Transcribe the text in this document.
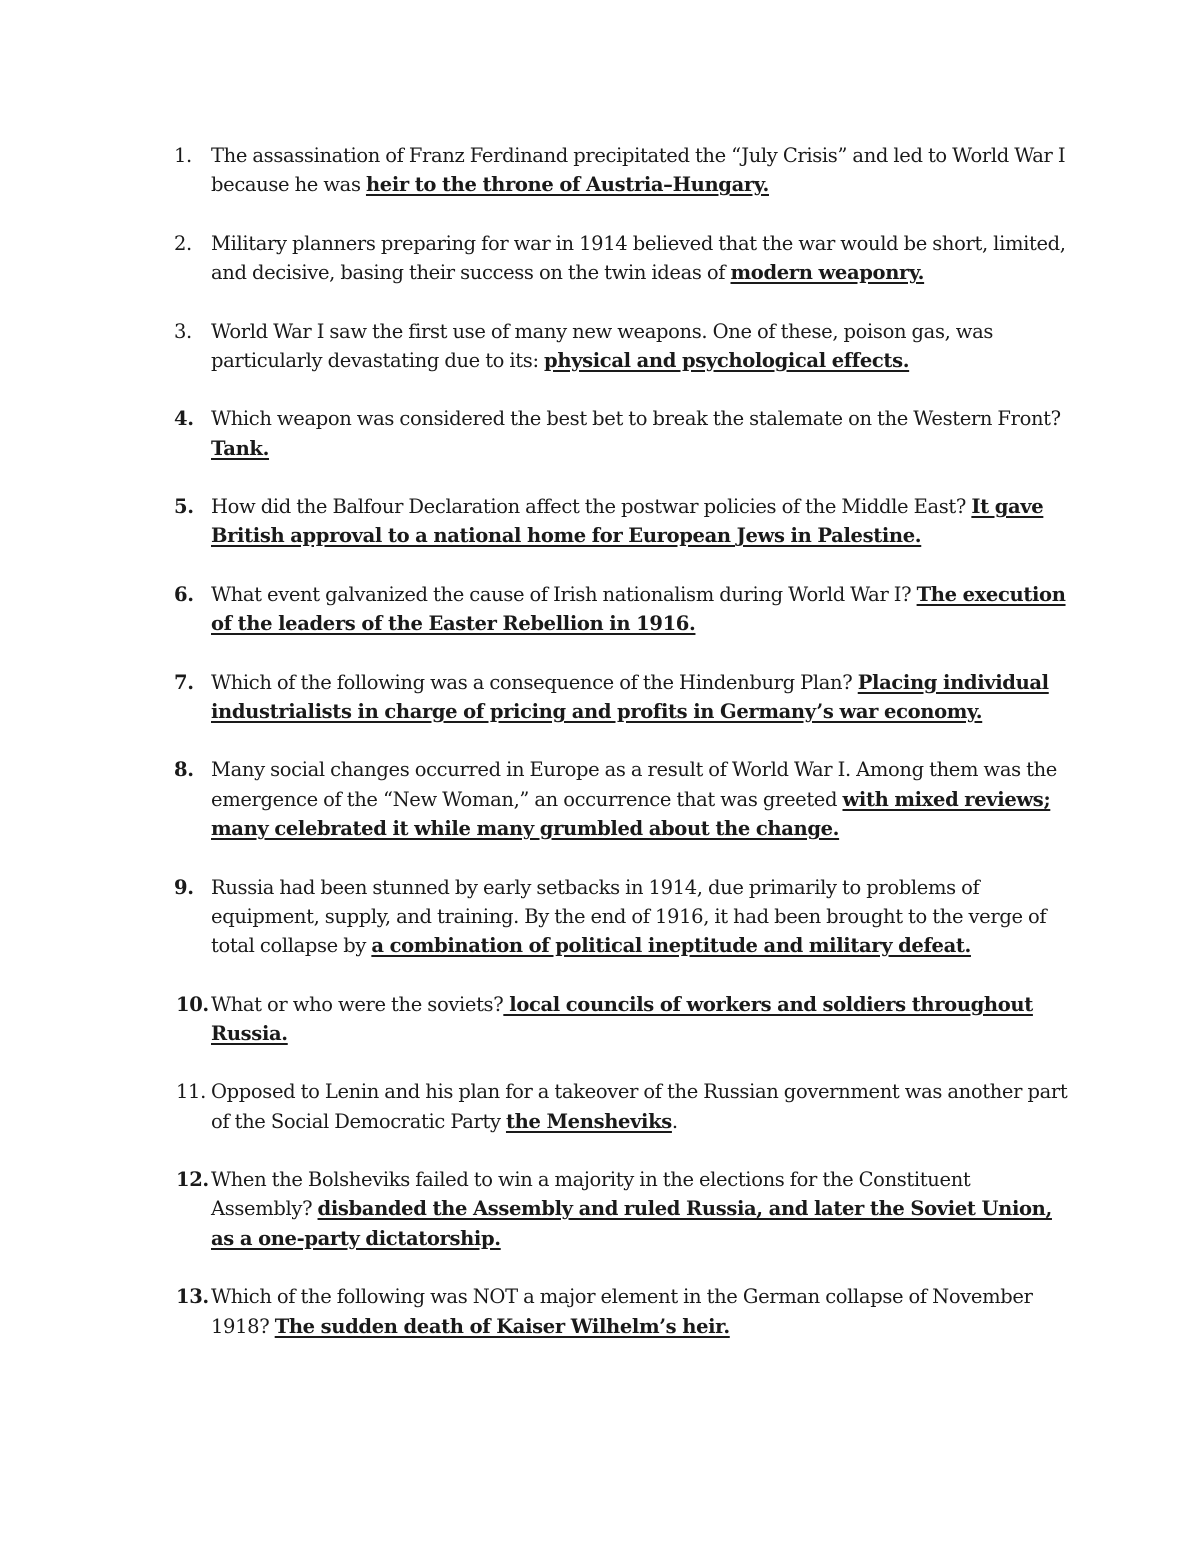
1. The assassination of Franz Ferdinand precipitated the “July Crisis” and led to World War I because he was heir to the throne of Austria–Hungary.
2. Military planners preparing for war in 1914 believed that the war would be short, limited, and decisive, basing their success on the twin ideas of modern weaponry.
3. World War I saw the first use of many new weapons. One of these, poison gas, was particularly devastating due to its: physical and psychological effects.
4. Which weapon was considered the best bet to break the stalemate on the Western Front? Tank.
5. How did the Balfour Declaration affect the postwar policies of the Middle East? It gave British approval to a national home for European Jews in Palestine.
6. What event galvanized the cause of Irish nationalism during World War I? The execution of the leaders of the Easter Rebellion in 1916.
7. Which of the following was a consequence of the Hindenburg Plan? Placing individual industrialists in charge of pricing and profits in Germany’s war economy.
8. Many social changes occurred in Europe as a result of World War I. Among them was the emergence of the “New Woman,” an occurrence that was greeted with mixed reviews; many celebrated it while many grumbled about the change.
9. Russia had been stunned by early setbacks in 1914, due primarily to problems of equipment, supply, and training. By the end of 1916, it had been brought to the verge of total collapse by a combination of political ineptitude and military defeat.
10. What or who were the soviets? local councils of workers and soldiers throughout Russia.
11. Opposed to Lenin and his plan for a takeover of the Russian government was another part of the Social Democratic Party the Mensheviks.
12. When the Bolsheviks failed to win a majority in the elections for the Constituent Assembly? disbanded the Assembly and ruled Russia, and later the Soviet Union, as a one-party dictatorship.
13. Which of the following was NOT a major element in the German collapse of November 1918? The sudden death of Kaiser Wilhelm’s heir.
